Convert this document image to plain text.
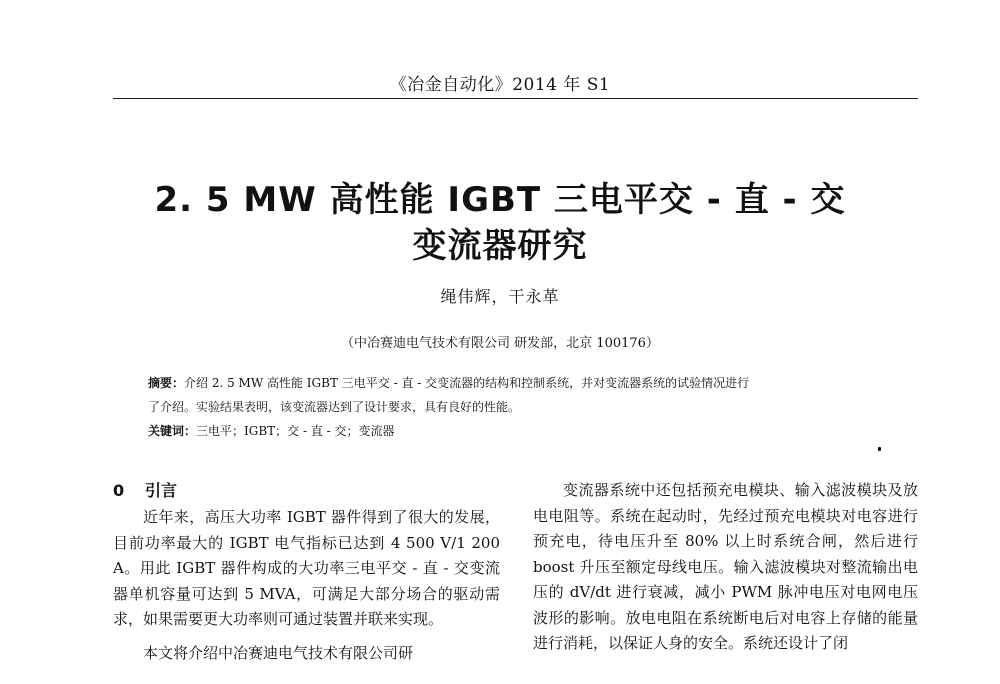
《冶金自动化》2014 年 S1
2. 5 MW 高性能 IGBT 三电平交 - 直 - 交
变流器研究
绳伟辉，干永革
（中冶赛迪电气技术有限公司 研发部，北京 100176）
摘要：介绍 2. 5 MW 高性能 IGBT 三电平交 - 直 - 交变流器的结构和控制系统，并对变流器系统的试验情况进行
了介绍。实验结果表明，该变流器达到了设计要求，具有良好的性能。
关键词：三电平；IGBT；交 - 直 - 交；变流器
0 引言

近年来，高压大功率 IGBT 器件得到了很大的发展，目前功率最大的 IGBT 电气指标已达到 4 500 V/1 200 A。用此 IGBT 器件构成的大功率三电平交 - 直 - 交变流器单机容量可达到 5 MVA，可满足大部分场合的驱动需求，如果需要更大功率则可通过装置并联来实现。

本文将介绍中冶赛迪电气技术有限公司研

变流器系统中还包括预充电模块、输入滤波模块及放电电阻等。系统在起动时，先经过预充电模块对电容进行预充电，待电压升至 80% 以上时系统合闸，然后进行 boost 升压至额定母线电压。输入滤波模块对整流输出电压的 dV/dt 进行衰减，减小 PWM 脉冲电压对电网电压波形的影响。放电电阻在系统断电后对电容上存储的能量进行消耗，以保证人身的安全。系统还设计了闭
